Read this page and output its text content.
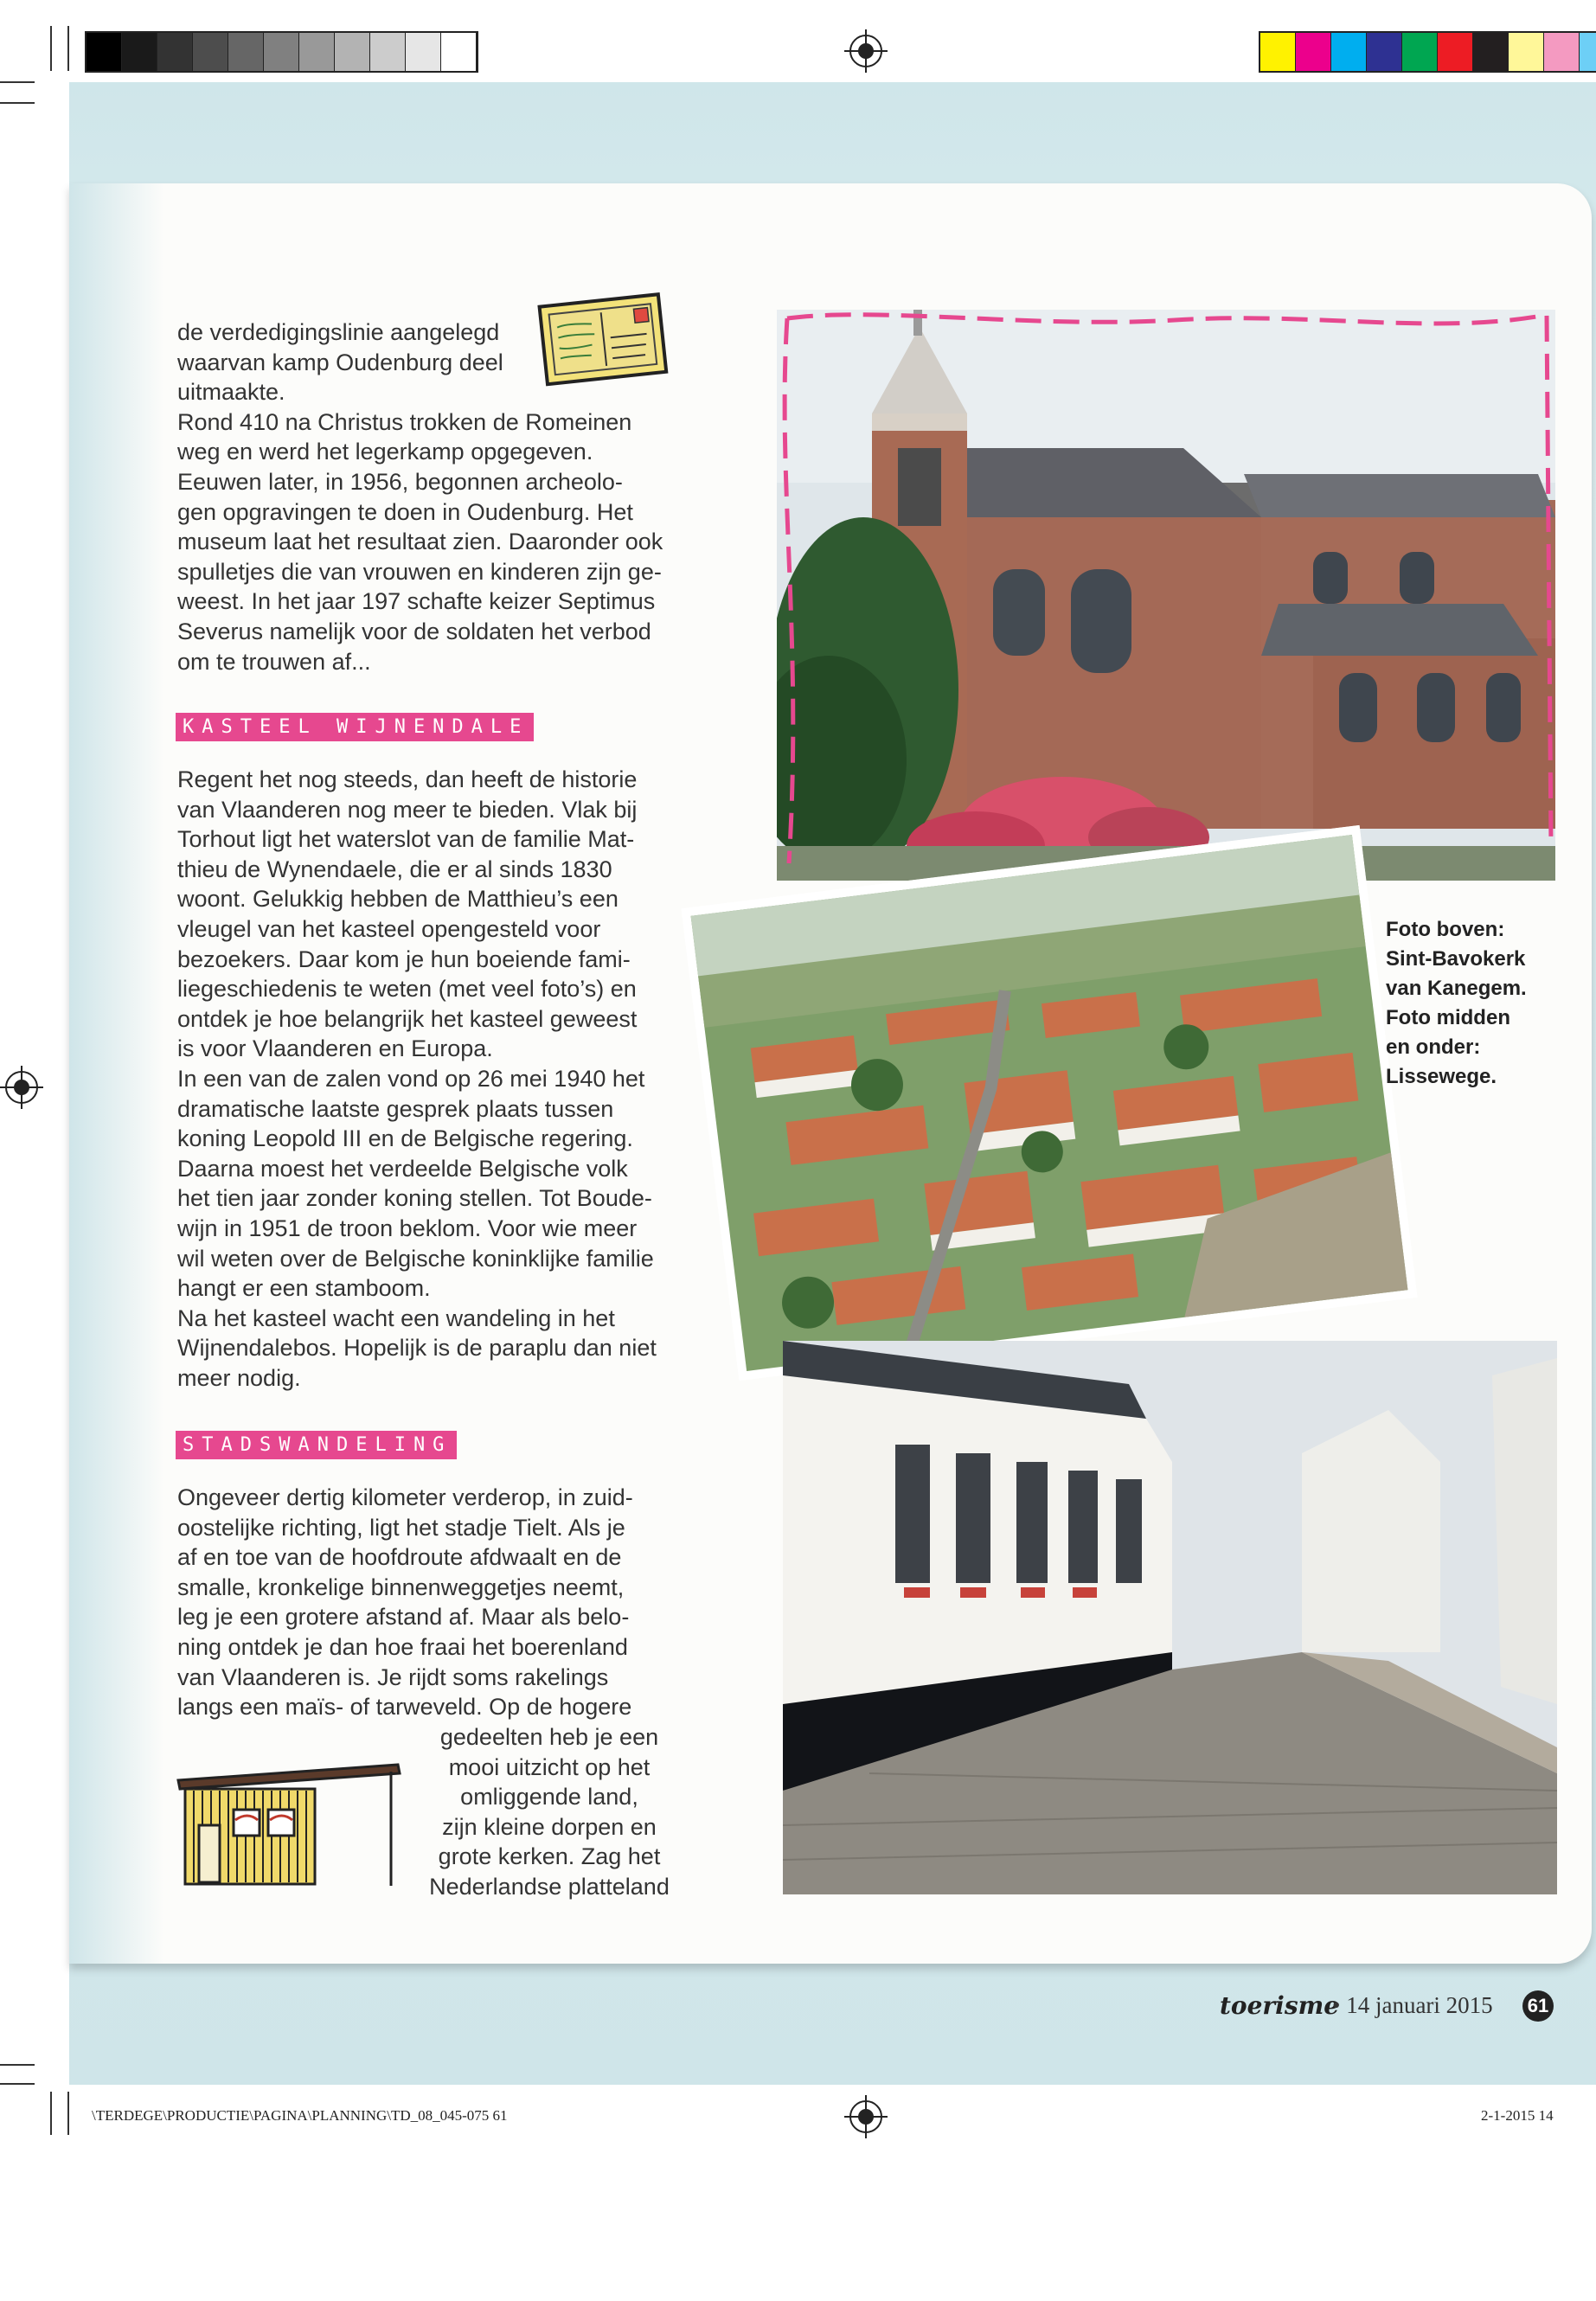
de verdedigingslinie aangelegd

waarvan kamp Oudenburg deel

uitmaakte.

Rond 410 na Christus trokken de Romeinen

weg en werd het legerkamp opgegeven.

Eeuwen later, in 1956, begonnen archeolo-

gen opgravingen te doen in Oudenburg. Het

museum laat het resultaat zien. Daaronder ook

spulletjes die van vrouwen en kinderen zijn ge-

weest. In het jaar 197 schafte keizer Septimus

Severus namelijk voor de soldaten het verbod

om te trouwen af...

KASTEEL WIJNENDALE

Regent het nog steeds, dan heeft de historie

van Vlaanderen nog meer te bieden. Vlak bij

Torhout ligt het waterslot van de familie Mat-

thieu de Wynendaele, die er al sinds 1830

woont. Gelukkig hebben de Matthieu’s een

vleugel van het kasteel opengesteld voor

bezoekers. Daar kom je hun boeiende fami-

liegeschiedenis te weten (met veel foto’s) en

ontdek je hoe belangrijk het kasteel geweest

is voor Vlaanderen en Europa.

In een van de zalen vond op 26 mei 1940 het

dramatische laatste gesprek plaats tussen

koning Leopold III en de Belgische regering.

Daarna moest het verdeelde Belgische volk

het tien jaar zonder koning stellen. Tot Boude-

wijn in 1951 de troon beklom. Voor wie meer

wil weten over de Belgische koninklijke familie

hangt er een stamboom.

Na het kasteel wacht een wandeling in het

Wijnendalebos. Hopelijk is de paraplu dan niet

meer nodig.

STADSWANDELING

Ongeveer dertig kilometer verderop, in zuid-

oostelijke richting, ligt het stadje Tielt. Als je

af en toe van de hoofdroute afdwaalt en de

smalle, kronkelige binnenweggetjes neemt,

leg je een grotere afstand af. Maar als belo-

ning ontdek je dan hoe fraai het boerenland

van Vlaanderen is. Je rijdt soms rakelings

langs een maïs- of tarweveld. Op de hogere

gedeelten heb je een

mooi uitzicht op het

omliggende land,

zijn kleine dorpen en

grote kerken. Zag het

Nederlandse platteland

Foto boven:
Sint-Bavokerk
van Kanegem.
Foto midden
en onder:
Lissewege.
toerisme
• 14 januari 2015 61
\TERDEGE\PRODUCTIE\PAGINA\PLANNING\TD_08_045-075 61	2-1-2015 14
